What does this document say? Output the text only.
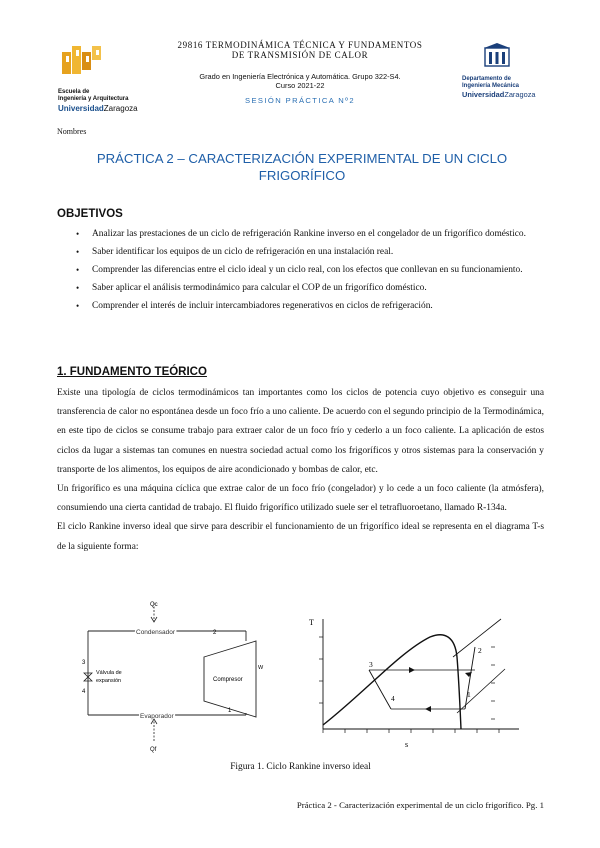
Escuela de
Ingeniería y Arquitectura
UniversidadZaragoza
29816 TERMODINÁMICA TÉCNICA Y FUNDAMENTOS
DE TRANSMISIÓN DE CALOR
Grado en Ingeniería Electrónica y Automática. Grupo 322-S4.
Curso 2021-22
SESIÓN PRÁCTICA Nº2
Departamento de
Ingeniería Mecánica
UniversidadZaragoza
Nombres
PRÁCTICA 2 – CARACTERIZACIÓN EXPERIMENTAL DE UN CICLO FRIGORÍFICO
OBJETIVOS
• Analizar las prestaciones de un ciclo de refrigeración Rankine inverso en el congelador de un frigorífico doméstico.
• Saber identificar los equipos de un ciclo de refrigeración en una instalación real.
• Comprender las diferencias entre el ciclo ideal y un ciclo real, con los efectos que conllevan en su funcionamiento.
• Saber aplicar el análisis termodinámico para calcular el COP de un frigorífico doméstico.
• Comprender el interés de incluir intercambiadores regenerativos en ciclos de refrigeración.
1. FUNDAMENTO TEÓRICO

Existe una tipología de ciclos termodinámicos tan importantes como los ciclos de potencia cuyo objetivo es conseguir una transferencia de calor no espontánea desde un foco frío a uno caliente. De acuerdo con el segundo principio de la Termodinámica, en este tipo de ciclos se consume trabajo para extraer calor de un foco frío y cederlo a un foco caliente. La aplicación de estos ciclos da lugar a sistemas tan comunes en nuestra sociedad actual como los frigoríficos y otros sistemas para la conservación y transporte de los alimentos, los equipos de aire acondicionado y bombas de calor, etc.

Un frigorífico es una máquina cíclica que extrae calor de un foco frío (congelador) y lo cede a un foco caliente (la atmósfera), consumiendo una cierta cantidad de trabajo. El fluido frigorífico utilizado suele ser el tetrafluoroetano, llamado R-134a.

El ciclo Rankine inverso ideal que sirve para describir el funcionamiento de un frigorífico ideal se representa en el diagrama T-s de la siguiente forma:

Qc
Condensador	2
3
4
Válvula de
expansión	Compresor
W
Evaporador
1
Qf
T
s
3
4	1
2
Figura 1. Ciclo Rankine inverso ideal
Práctica 2 - Caracterización experimental de un ciclo frigorífico. Pg. 1
